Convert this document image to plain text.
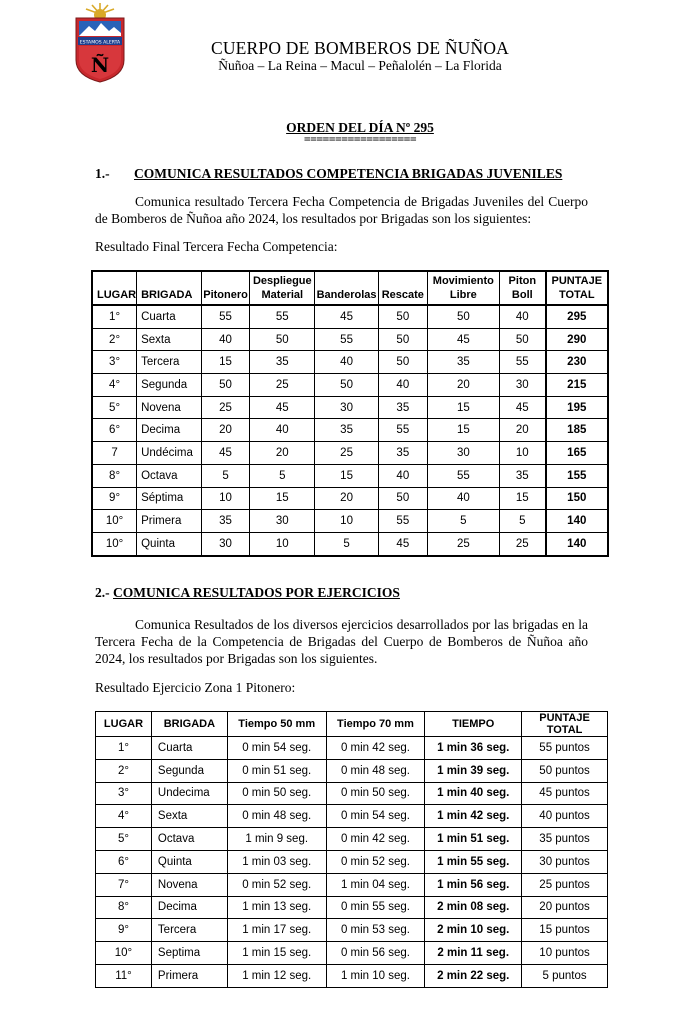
ESTAMOS ALERTA
Ñ
CUERPO DE BOMBEROS DE ÑUÑOA
Ñuñoa – La Reina – Macul – Peñalolén – La Florida
ORDEN DEL DÍA Nº 295
==================
1.- COMUNICA RESULTADOS COMPETENCIA BRIGADAS JUVENILES
Comunica resultado Tercera Fecha Competencia de Brigadas Juveniles del Cuerpo de Bomberos de Ñuñoa año 2024, los resultados por Brigadas son los siguientes:
Resultado Final Tercera Fecha Competencia:
LUGAR	BRIGADA	Pitonero	Despliegue Material	Banderolas	Rescate	Movimiento Libre	Piton Boll	PUNTAJE TOTAL
1°	Cuarta	55	55	45	50	50	40	295
2°	Sexta	40	50	55	50	45	50	290
3°	Tercera	15	35	40	50	35	55	230
4°	Segunda	50	25	50	40	20	30	215
5°	Novena	25	45	30	35	15	45	195
6°	Decima	20	40	35	55	15	20	185
7	Undécima	45	20	25	35	30	10	165
8°	Octava	5	5	15	40	55	35	155
9°	Séptima	10	15	20	50	40	15	150
10°	Primera	35	30	10	55	5	5	140
10°	Quinta	30	10	5	45	25	25	140
2.- COMUNICA RESULTADOS POR EJERCICIOS
Comunica Resultados de los diversos ejercicios desarrollados por las brigadas en la Tercera Fecha de la Competencia de Brigadas del Cuerpo de Bomberos de Ñuñoa año 2024, los resultados por Brigadas son los siguientes.
Resultado Ejercicio Zona 1 Pitonero:
LUGAR	BRIGADA	Tiempo 50 mm	Tiempo 70 mm	TIEMPO	PUNTAJE TOTAL
1°	Cuarta	0 min 54 seg.	0 min 42 seg.	1 min 36 seg.	55 puntos
2°	Segunda	0 min 51 seg.	0 min 48 seg.	1 min 39 seg.	50 puntos
3°	Undecima	0 min 50 seg.	0 min 50 seg.	1 min 40 seg.	45 puntos
4°	Sexta	0 min 48 seg.	0 min 54 seg.	1 min 42 seg.	40 puntos
5°	Octava	1 min 9 seg.	0 min 42 seg.	1 min 51 seg.	35 puntos
6°	Quinta	1 min 03 seg.	0 min 52 seg.	1 min 55 seg.	30 puntos
7°	Novena	0 min 52 seg.	1 min 04 seg.	1 min 56 seg.	25 puntos
8°	Decima	1 min 13 seg.	0 min 55 seg.	2 min 08 seg.	20 puntos
9°	Tercera	1 min 17 seg.	0 min 53 seg.	2 min 10 seg.	15 puntos
10°	Septima	1 min 15 seg.	0 min 56 seg.	2 min 11 seg.	10 puntos
11°	Primera	1 min 12 seg.	1 min 10 seg.	2 min 22 seg.	5 puntos
